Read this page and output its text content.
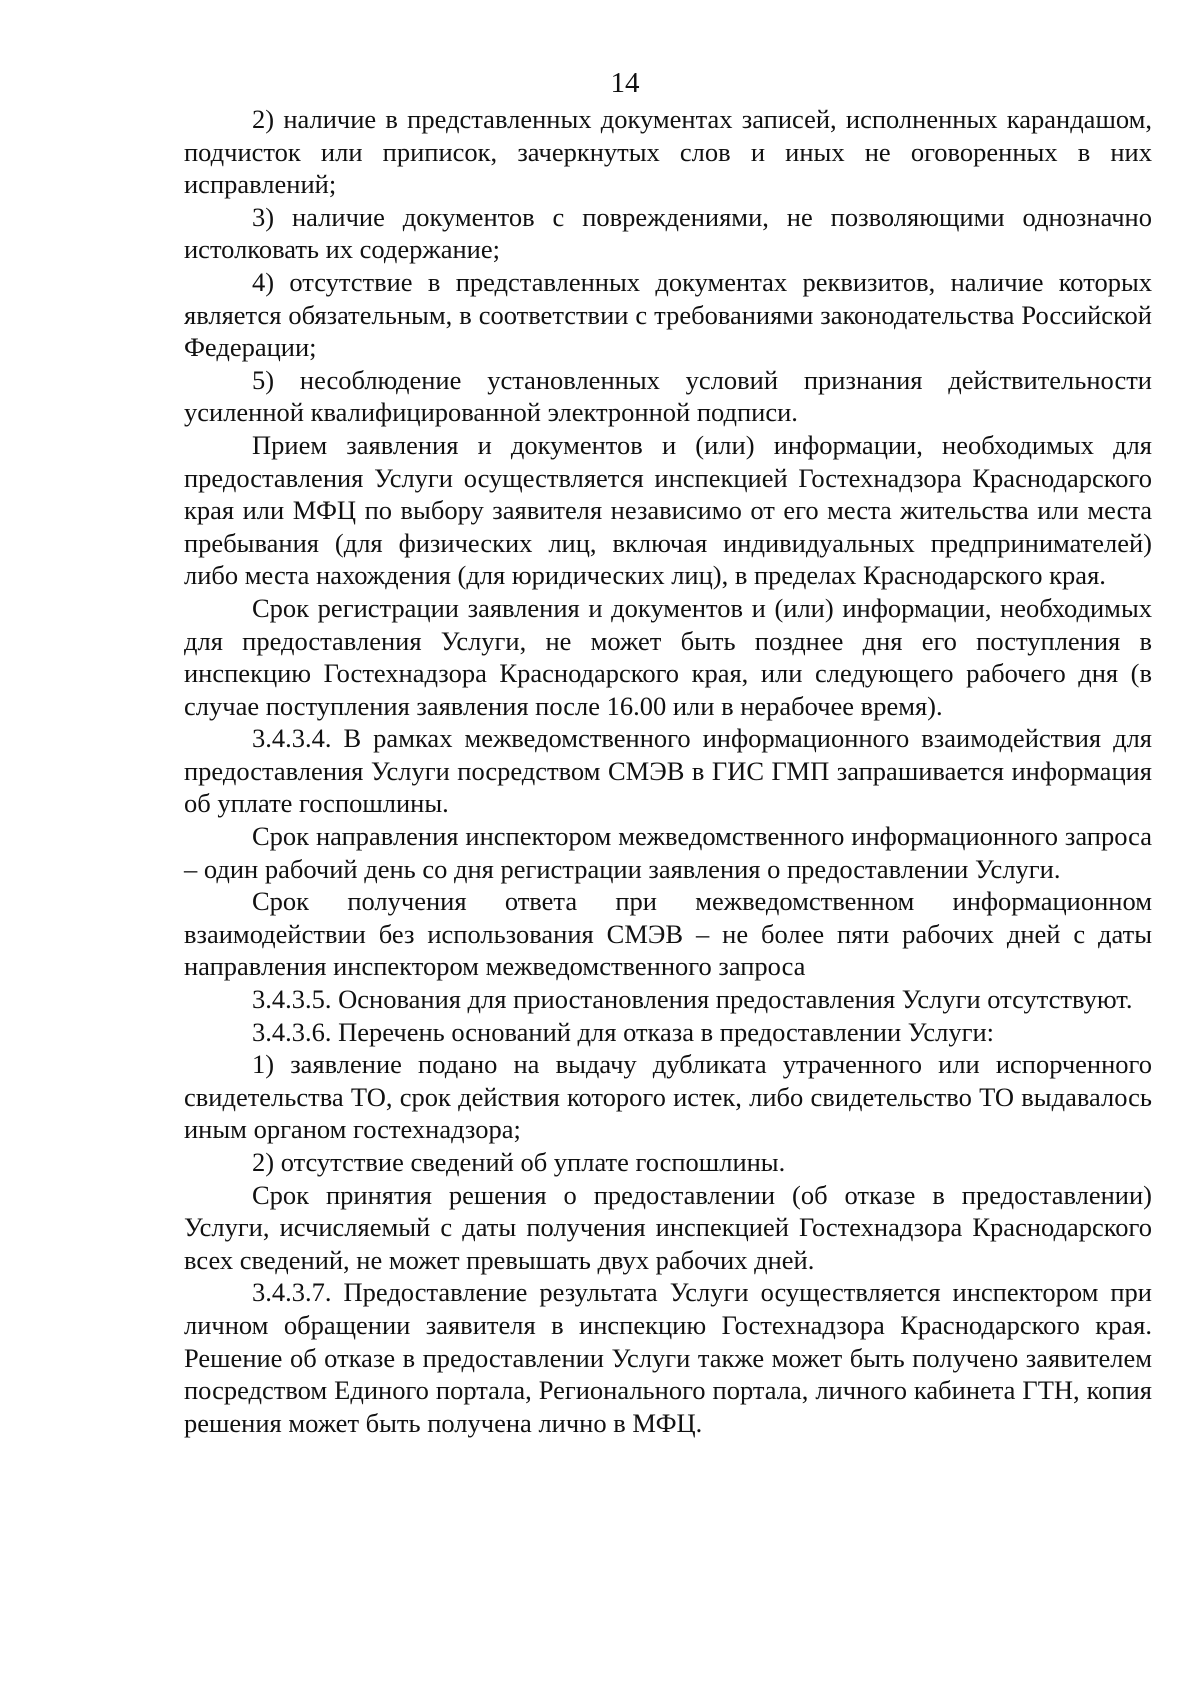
14

2) наличие в представленных документах записей, исполненных карандашом, подчисток или приписок, зачеркнутых слов и иных не оговоренных в них исправлений;

3) наличие документов с повреждениями, не позволяющими однозначно истолковать их содержание;

4) отсутствие в представленных документах реквизитов, наличие которых является обязательным, в соответствии с требованиями законодательства Российской Федерации;

5) несоблюдение установленных условий признания действительности усиленной квалифицированной электронной подписи.

Прием заявления и документов и (или) информации, необходимых для предоставления Услуги осуществляется инспекцией Гостехнадзора Краснодарского края или МФЦ по выбору заявителя независимо от его места жительства или места пребывания (для физических лиц, включая индивидуальных предпринимателей) либо места нахождения (для юридических лиц), в пределах Краснодарского края.

Срок регистрации заявления и документов и (или) информации, необходимых для предоставления Услуги, не может быть позднее дня его поступления в инспекцию Гостехнадзора Краснодарского края, или следующего рабочего дня (в случае поступления заявления после 16.00 или в нерабочее время).

3.4.3.4. В рамках межведомственного информационного взаимодействия для предоставления Услуги посредством СМЭВ в ГИС ГМП запрашивается информация об уплате госпошлины.

Срок направления инспектором межведомственного информационного запроса – один рабочий день со дня регистрации заявления о предоставлении Услуги.

Срок получения ответа при межведомственном информационном взаимодействии без использования СМЭВ – не более пяти рабочих дней с даты направления инспектором межведомственного запроса

3.4.3.5. Основания для приостановления предоставления Услуги отсутствуют.

3.4.3.6. Перечень оснований для отказа в предоставлении Услуги:

1) заявление подано на выдачу дубликата утраченного или испорченного свидетельства ТО, срок действия которого истек, либо свидетельство ТО выдавалось иным органом гостехнадзора;

2) отсутствие сведений об уплате госпошлины.

Срок принятия решения о предоставлении (об отказе в предоставлении) Услуги, исчисляемый с даты получения инспекцией Гостехнадзора Краснодарского всех сведений, не может превышать двух рабочих дней.

3.4.3.7. Предоставление результата Услуги осуществляется инспектором при личном обращении заявителя в инспекцию Гостехнадзора Краснодарского края. Решение об отказе в предоставлении Услуги также может быть получено заявителем посредством Единого портала, Регионального портала, личного кабинета ГТН, копия решения может быть получена лично в МФЦ.
